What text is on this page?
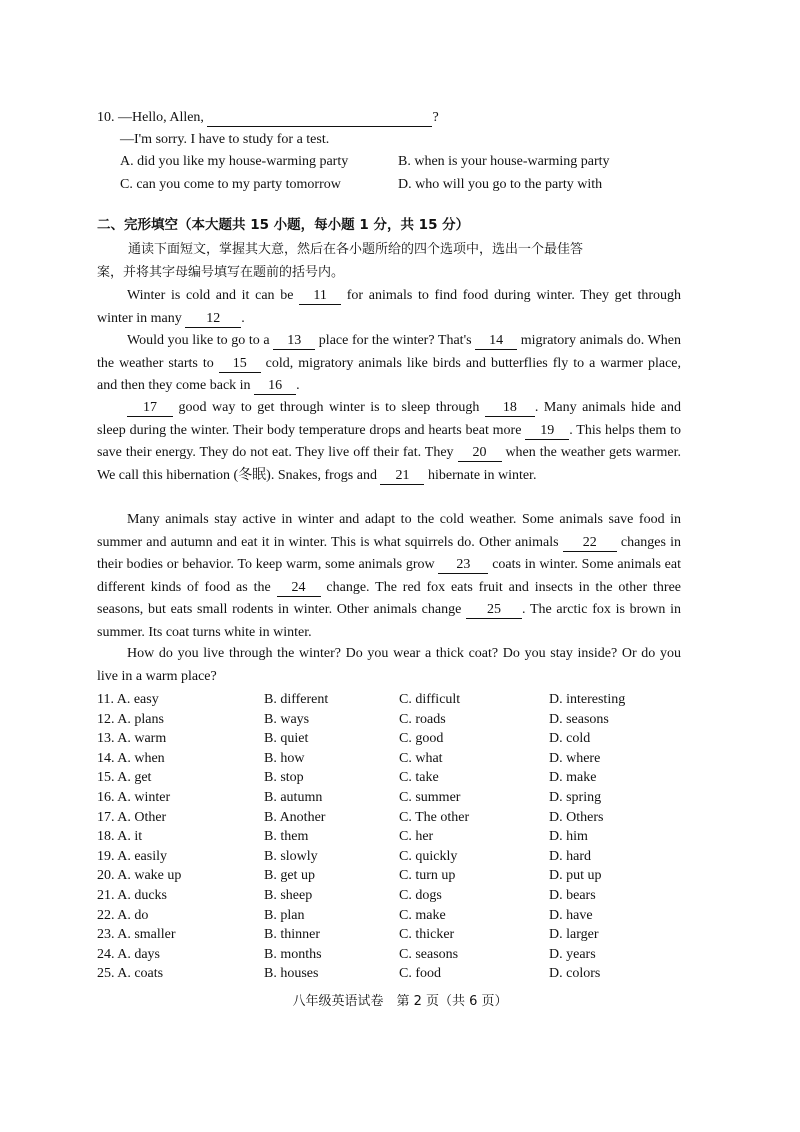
10. —Hello, Allen,	?
—I'm sorry. I have to study for a test.
A. did you like my house-warming party	B. when is your house-warming party
C. can you come to my party tomorrow	D. who will you go to the party with
二、完形填空（本大题共 15 小题，每小题 1 分，共 15 分）
通读下面短文，掌握其大意，然后在各小题所给的四个选项中，选出一个最佳答
案，并将其字母编号填写在题前的括号内。
Winter is cold and it can be 11 for animals to find food during winter. They get through winter in many 12 .
Would you like to go to a 13 place for the winter? That's 14 migratory animals do. When the weather starts to 15 cold, migratory animals like birds and butterflies fly to a warmer place, and then they come back in 16 .
17 good way to get through winter is to sleep through 18 . Many animals hide and sleep during the winter. Their body temperature drops and hearts beat more 19 . This helps them to save their energy. They do not eat. They live off their fat. They 20 when the weather gets warmer. We call this hibernation (冬眠). Snakes, frogs and 21 hibernate in winter.
Many animals stay active in winter and adapt to the cold weather. Some animals save food in summer and autumn and eat it in winter. This is what squirrels do. Other animals 22 changes in their bodies or behavior. To keep warm, some animals grow 23 coats in winter. Some animals eat different kinds of food as the 24 change. The red fox eats fruit and insects in the other three seasons, but eats small rodents in winter. Other animals change 25 . The arctic fox is brown in summer. Its coat turns white in winter.
How do you live through the winter? Do you wear a thick coat? Do you stay inside? Or do you live in a warm place?
11. A. easy	B. different	C. difficult	D. interesting
12. A. plans	B. ways	C. roads	D. seasons
13. A. warm	B. quiet	C. good	D. cold
14. A. when	B. how	C. what	D. where
15. A. get	B. stop	C. take	D. make
16. A. winter	B. autumn	C. summer	D. spring
17. A. Other	B. Another	C. The other	D. Others
18. A. it	B. them	C. her	D. him
19. A. easily	B. slowly	C. quickly	D. hard
20. A. wake up	B. get up	C. turn up	D. put up
21. A. ducks	B. sheep	C. dogs	D. bears
22. A. do	B. plan	C. make	D. have
23. A. smaller	B. thinner	C. thicker	D. larger
24. A. days	B. months	C. seasons	D. years
25. A. coats	B. houses	C. food	D. colors
八年级英语试卷　第 2 页（共 6 页）
